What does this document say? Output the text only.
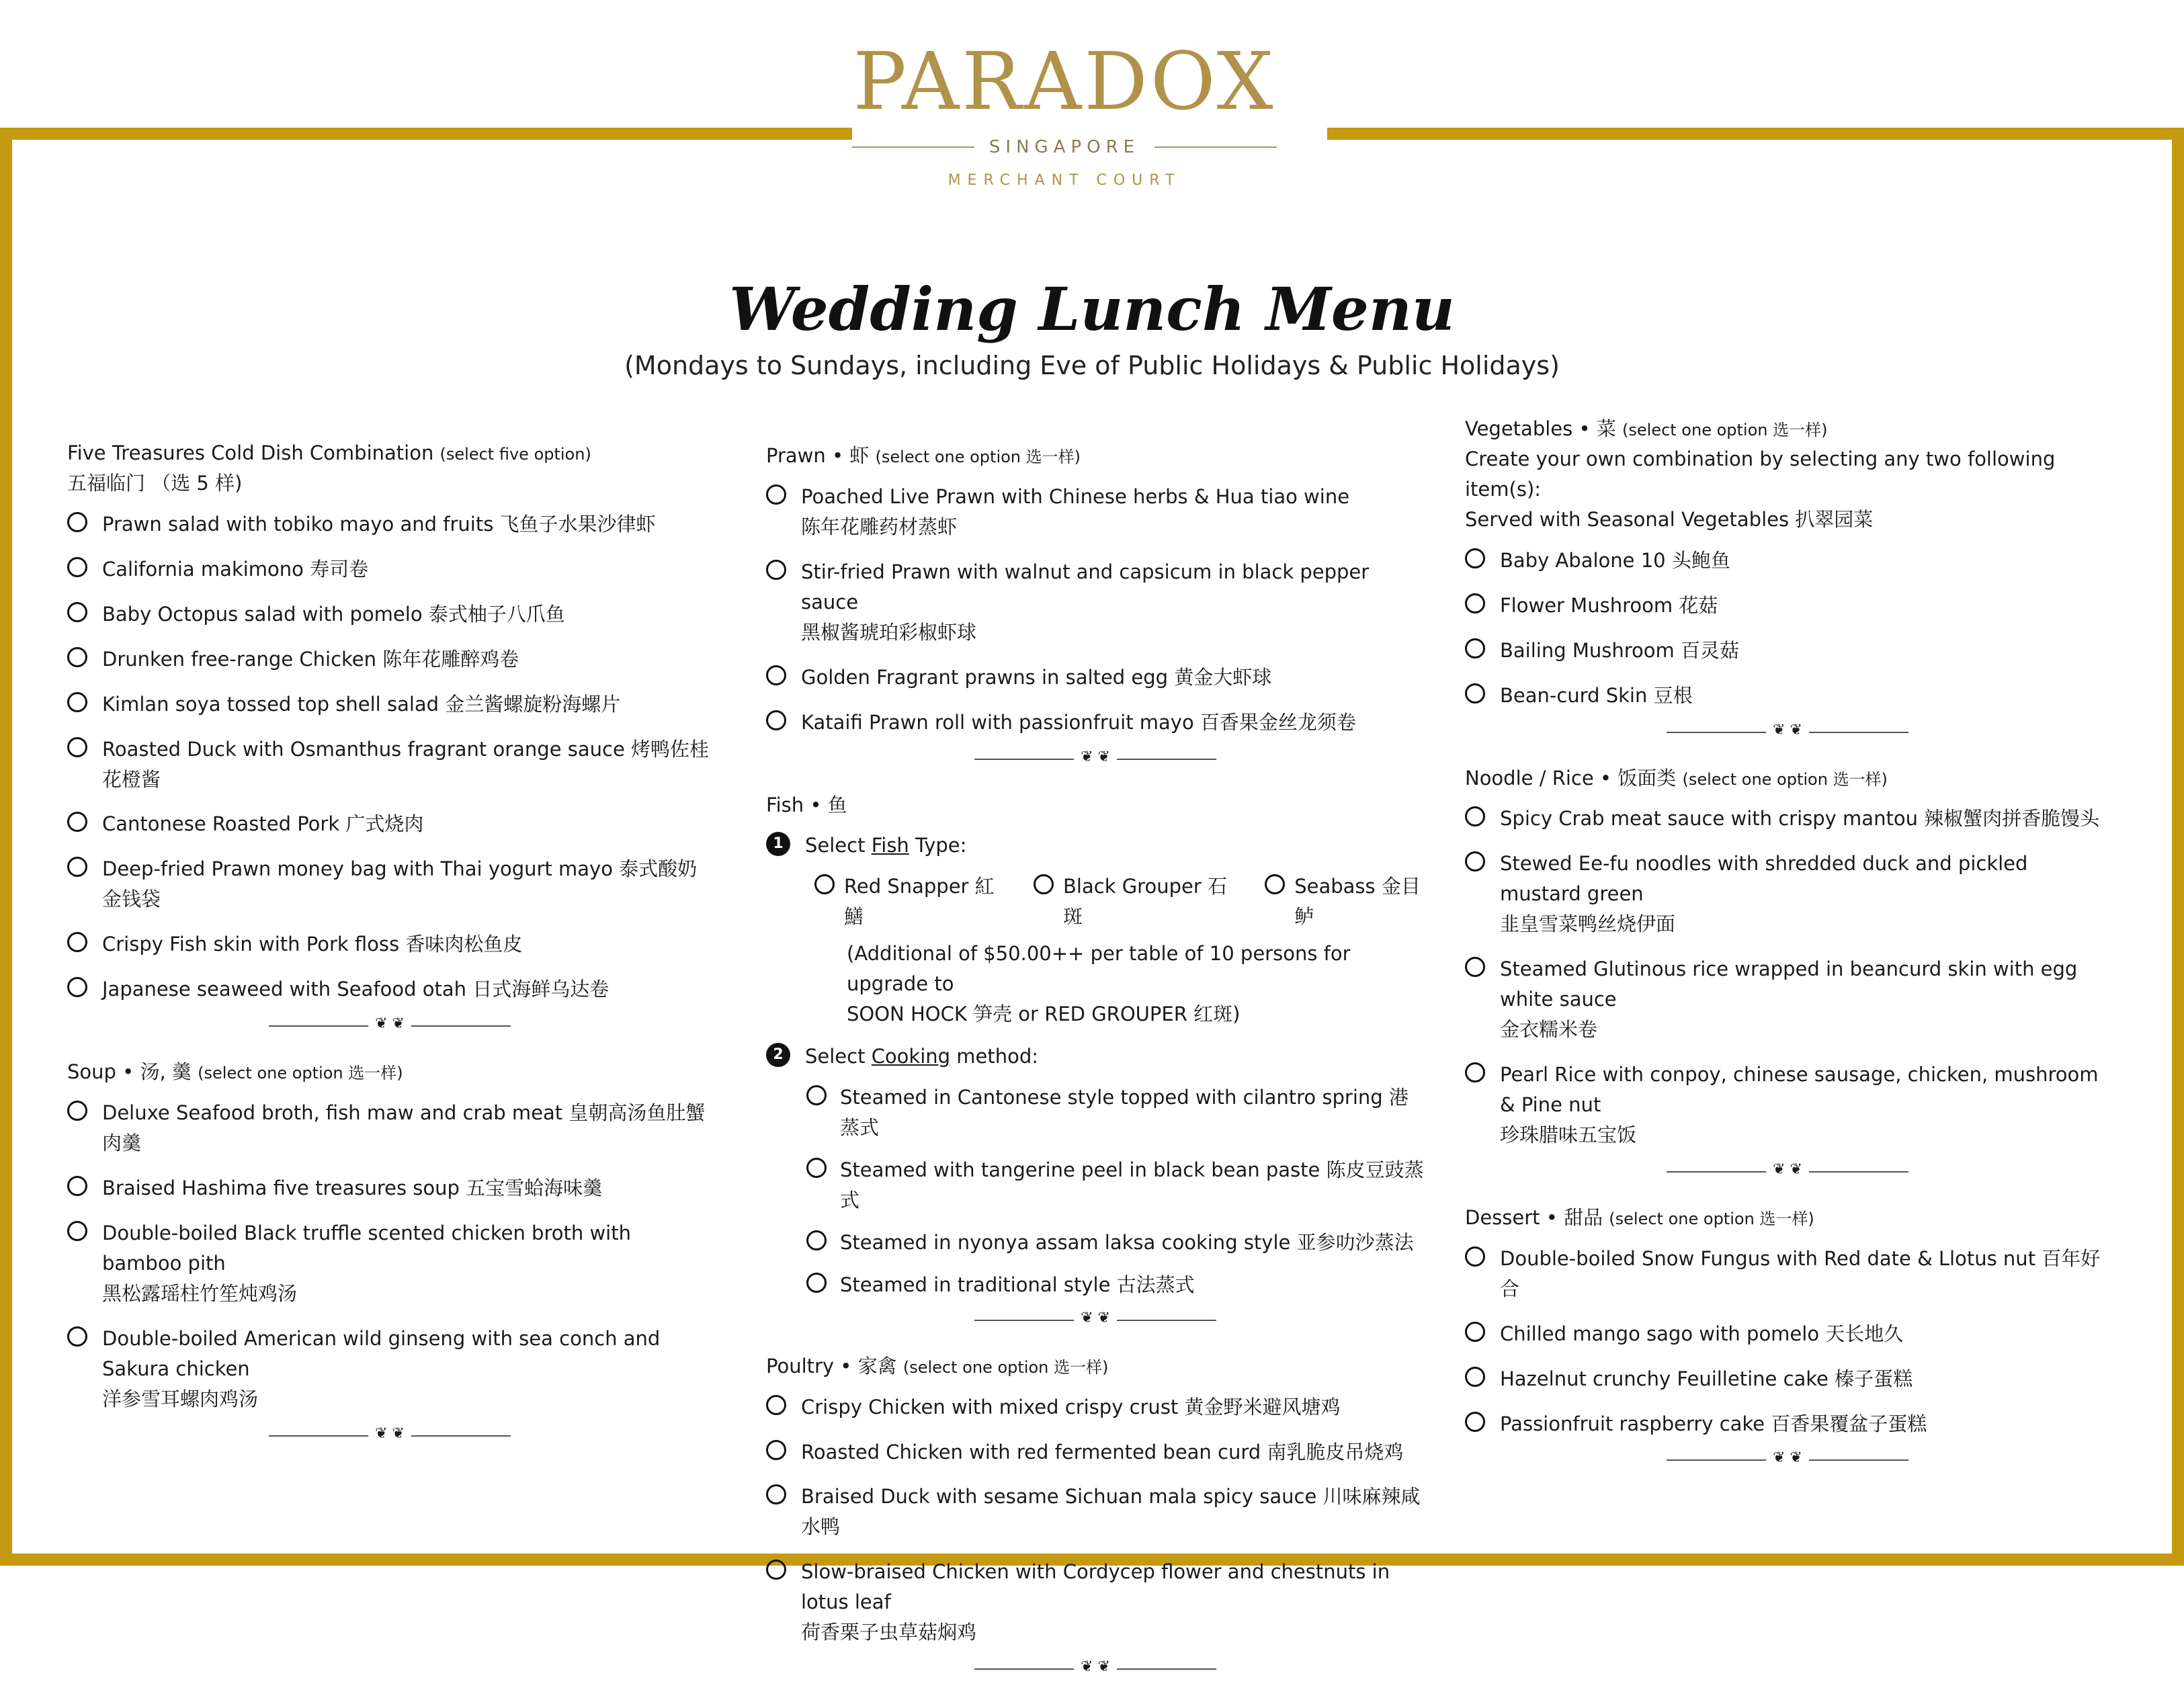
PARADOX
SINGAPORE
MERCHANT COURT
Wedding Lunch Menu
(Mondays to Sundays, including Eve of Public Holidays & Public Holidays)
Five Treasures Cold Dish Combination (select five option)
五福临门 （选 5 样)
Prawn salad with tobiko mayo and fruits 飞鱼子水果沙律虾
California makimono 寿司卷
Baby Octopus salad with pomelo 泰式柚子八爪鱼
Drunken free-range Chicken 陈年花雕醉鸡卷
Kimlan soya tossed top shell salad 金兰酱螺旋粉海螺片
Roasted Duck with Osmanthus fragrant orange sauce 烤鸭佐桂花橙酱
Cantonese Roasted Pork 广式烧肉
Deep-fried Prawn money bag with Thai yogurt mayo 泰式酸奶金钱袋
Crispy Fish skin with Pork floss 香味肉松鱼皮
Japanese seaweed with Seafood otah 日式海鲜乌达卷
❦ ❦
Soup • 汤, 羹 (select one option 选一样)
Deluxe Seafood broth, fish maw and crab meat 皇朝高汤鱼肚蟹肉羹
Braised Hashima five treasures soup 五宝雪蛤海味羹
Double-boiled Black truffle scented chicken broth with bamboo pith
黑松露瑶柱竹笙炖鸡汤
Double-boiled American wild ginseng with sea conch and Sakura chicken
洋参雪耳螺肉鸡汤
❦ ❦
Prawn • 虾 (select one option 选一样)
Poached Live Prawn with Chinese herbs & Hua tiao wine
陈年花雕药材蒸虾
Stir-fried Prawn with walnut and capsicum in black pepper sauce
黑椒酱琥珀彩椒虾球
Golden Fragrant prawns in salted egg 黄金大虾球
Kataifi Prawn roll with passionfruit mayo 百香果金丝龙须卷
❦ ❦
Fish • 鱼
1	Select Fish Type:
Red Snapper 紅鱔
Black Grouper 石斑
Seabass 金目鲈
(Additional of $50.00++ per table of 10 persons for upgrade to
SOON HOCK 笋壳 or RED GROUPER 红斑)
2	Select Cooking method:
Steamed in Cantonese style topped with cilantro spring 港蒸式
Steamed with tangerine peel in black bean paste 陈皮豆豉蒸式
Steamed in nyonya assam laksa cooking style 亚参叻沙蒸法
Steamed in traditional style 古法蒸式
❦ ❦
Poultry • 家禽 (select one option 选一样)
Crispy Chicken with mixed crispy crust 黄金野米避风塘鸡
Roasted Chicken with red fermented bean curd 南乳脆皮吊烧鸡
Braised Duck with sesame Sichuan mala spicy sauce 川味麻辣咸水鸭
Slow-braised Chicken with Cordycep flower and chestnuts in lotus leaf
荷香栗子虫草菇焖鸡
❦ ❦
Vegetables • 菜 (select one option 选一样)
Create your own combination by selecting any two following item(s):
Served with Seasonal Vegetables 扒翠园菜
Baby Abalone 10 头鲍鱼
Flower Mushroom 花菇
Bailing Mushroom 百灵菇
Bean-curd Skin 豆根
❦ ❦
Noodle / Rice • 饭面类 (select one option 选一样)
Spicy Crab meat sauce with crispy mantou 辣椒蟹肉拼香脆馒头
Stewed Ee-fu noodles with shredded duck and pickled mustard green
韭皇雪菜鸭丝烧伊面
Steamed Glutinous rice wrapped in beancurd skin with egg white sauce
金衣糯米卷
Pearl Rice with conpoy, chinese sausage, chicken, mushroom & Pine nut
珍珠腊味五宝饭
❦ ❦
Dessert • 甜品 (select one option 选一样)
Double-boiled Snow Fungus with Red date & Llotus nut 百年好合
Chilled mango sago with pomelo 天长地久
Hazelnut crunchy Feuilletine cake 榛子蛋糕
Passionfruit raspberry cake 百香果覆盆子蛋糕
❦ ❦
